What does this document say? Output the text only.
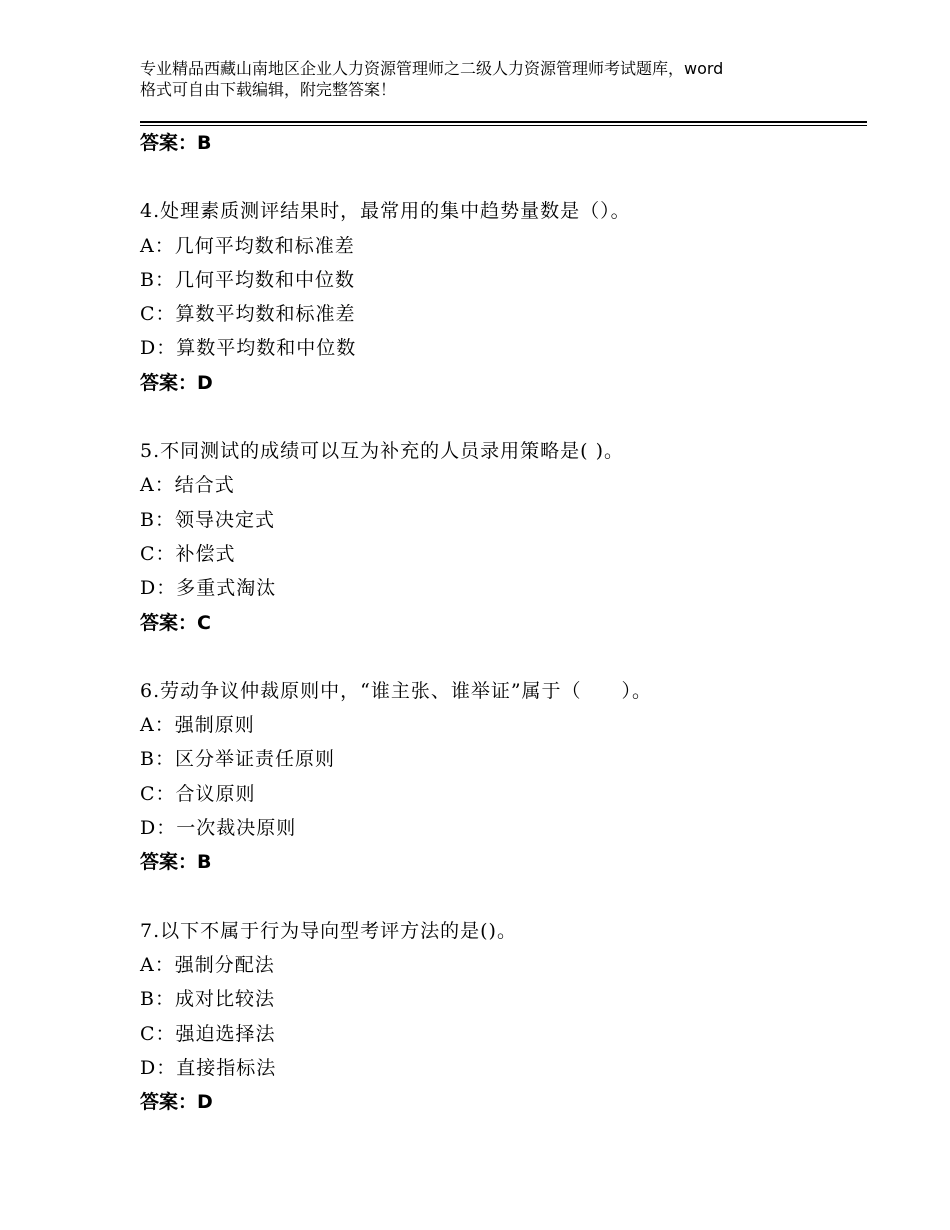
专业精品西藏山南地区企业人力资源管理师之二级人力资源管理师考试题库，word
格式可自由下载编辑，附完整答案！
答案：B
4.处理素质测评结果时，最常用的集中趋势量数是（）。
A：几何平均数和标准差
B：几何平均数和中位数
C：算数平均数和标准差
D：算数平均数和中位数
答案：D
5.不同测试的成绩可以互为补充的人员录用策略是( )。
A：结合式
B：领导决定式
C：补偿式
D：多重式淘汰
答案：C
6.劳动争议仲裁原则中，“谁主张、谁举证”属于（　　）。
A：强制原则
B：区分举证责任原则
C：合议原则
D：一次裁决原则
答案：B
7.以下不属于行为导向型考评方法的是()。
A：强制分配法
B：成对比较法
C：强迫选择法
D：直接指标法
答案：D
